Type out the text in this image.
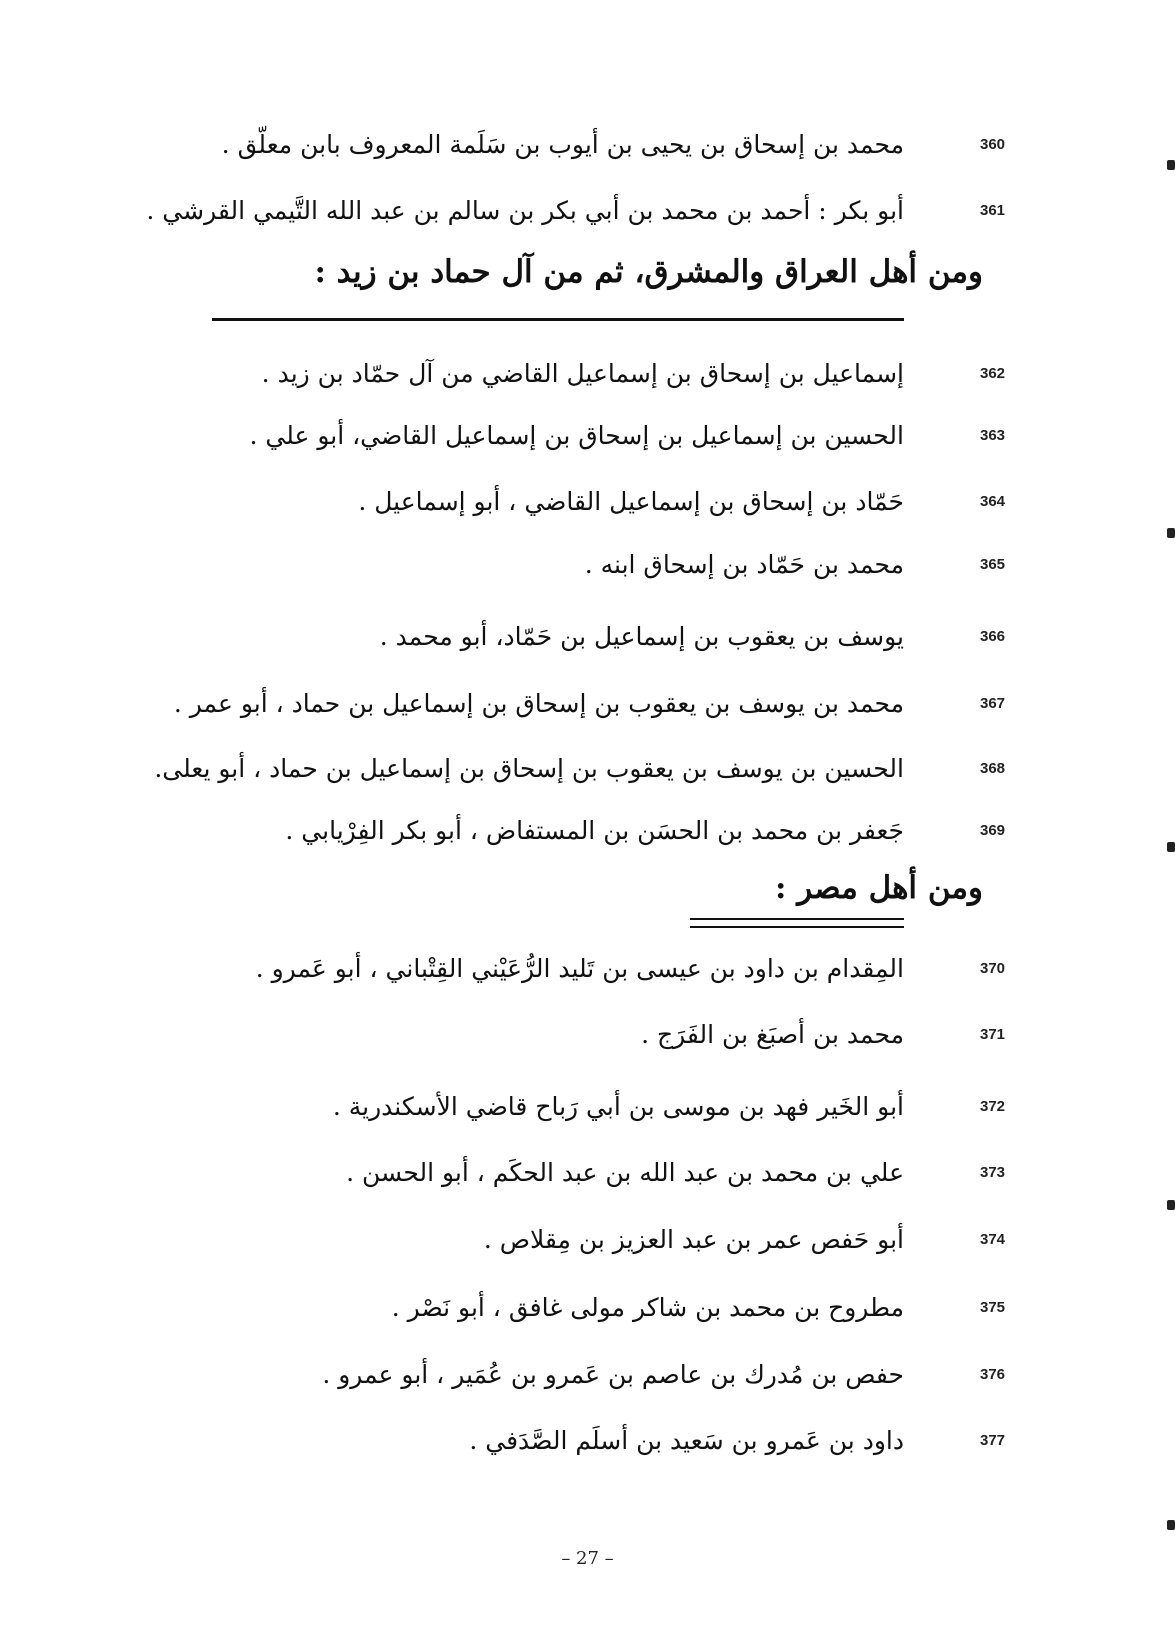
360
محمد بن إسحاق بن يحيى بن أيوب بن سَلَمة المعروف بابن معلّق .
361
أبو بكر : أحمد بن محمد بن أبي بكر بن سالم بن عبد الله التَّيمي القرشي .
ومن أهل العراق والمشرق، ثم من آل حماد بن زيد :
362
إسماعيل بن إسحاق بن إسماعيل القاضي من آل حمّاد بن زيد .
363
الحسين بن إسماعيل بن إسحاق بن إسماعيل القاضي، أبو علي .
364
حَمّاد بن إسحاق بن إسماعيل القاضي ، أبو إسماعيل .
365
محمد بن حَمّاد بن إسحاق ابنه .
366
يوسف بن يعقوب بن إسماعيل بن حَمّاد، أبو محمد .
367
محمد بن يوسف بن يعقوب بن إسحاق بن إسماعيل بن حماد ، أبو عمر .
368
الحسين بن يوسف بن يعقوب بن إسحاق بن إسماعيل بن حماد ، أبو يعلى.
369
جَعفر بن محمد بن الحسَن بن المستفاض ، أبو بكر الفِرْيابي .
ومن أهل مصر :
370
المِقدام بن داود بن عيسى بن تَليد الرُّعَيْني القِتْباني ، أبو عَمرو .
371
محمد بن أصبَغ بن الفَرَج .
372
أبو الخَير فهد بن موسى بن أبي رَباح قاضي الأسكندرية .
373
علي بن محمد بن عبد الله بن عبد الحكَم ، أبو الحسن .
374
أبو حَفص عمر بن عبد العزيز بن مِقلاص .
375
مطروح بن محمد بن شاكر مولى غافق ، أبو نَصْر .
376
حفص بن مُدرك بن عاصم بن عَمرو بن عُمَير ، أبو عمرو .
377
داود بن عَمرو بن سَعيد بن أسلَم الصَّدَفي .
– 27 –
